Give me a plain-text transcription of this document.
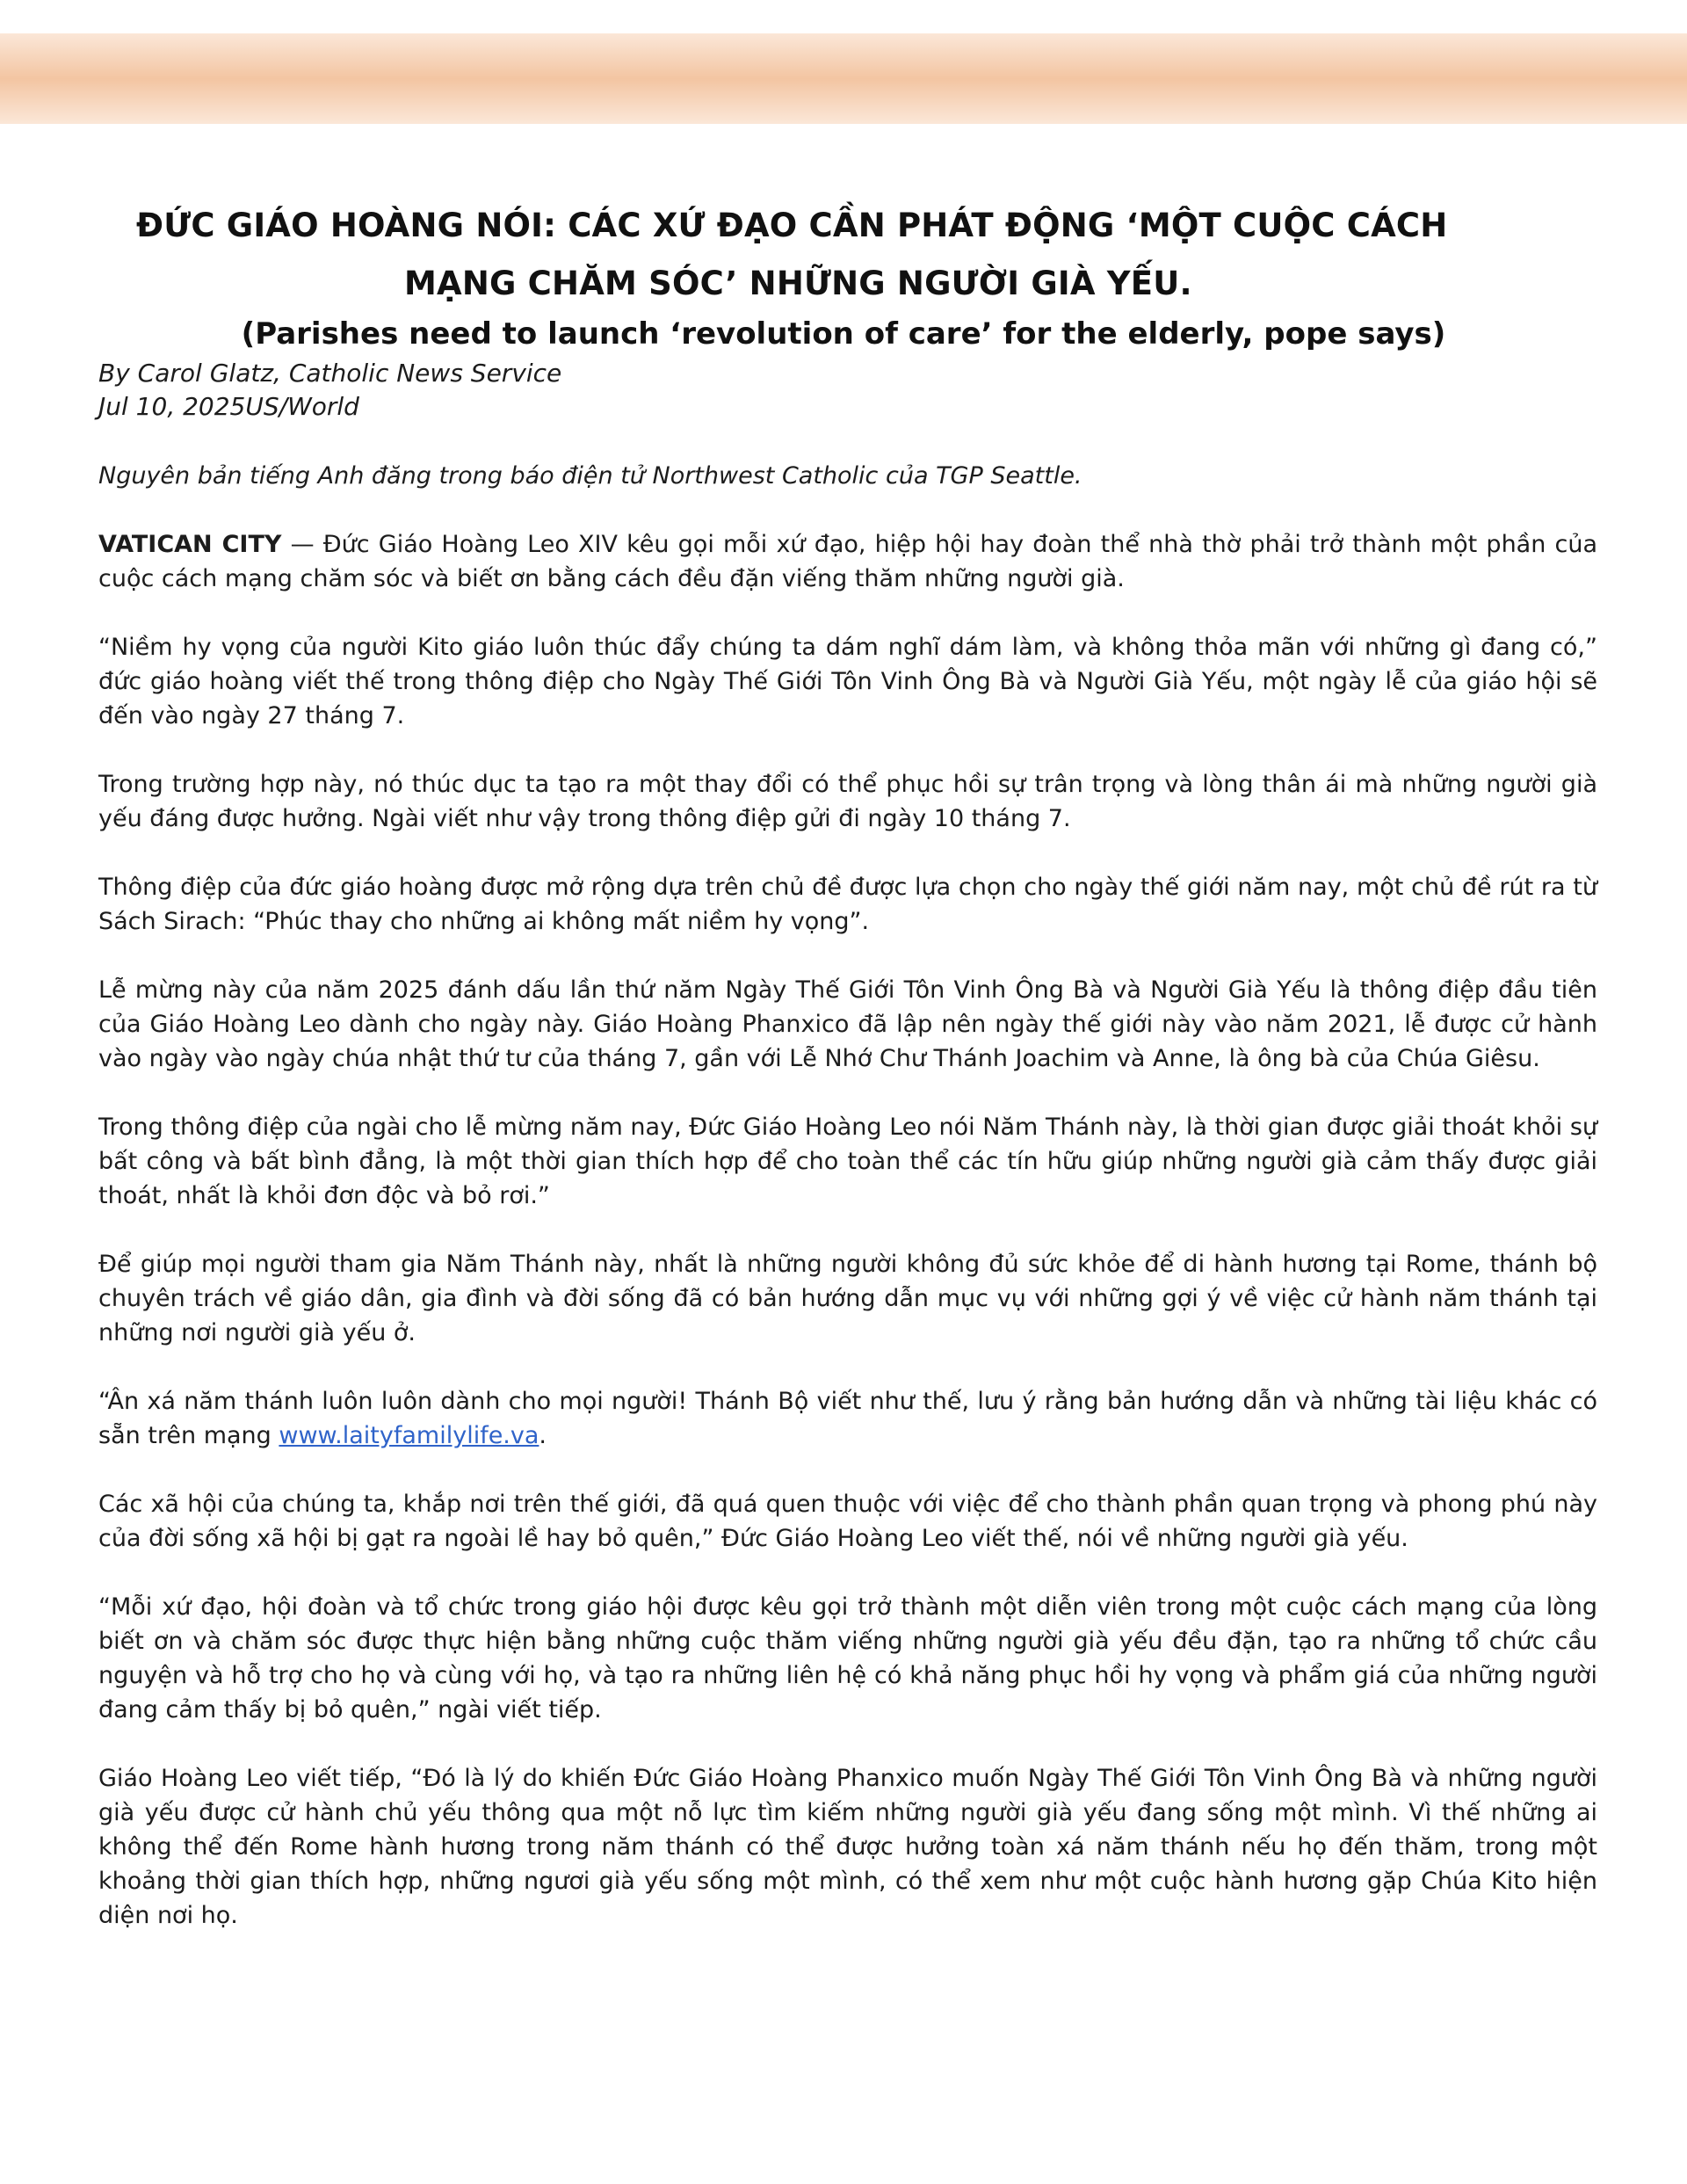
ĐỨC GIÁO HOÀNG NÓI: CÁC XỨ ĐẠO CẦN PHÁT ĐỘNG ‘MỘT CUỘC CÁCH
MẠNG CHĂM SÓC’ NHỮNG NGƯỜI GIÀ YẾU.
(Parishes need to launch ‘revolution of care’ for the elderly, pope says)
By Carol Glatz, Catholic News Service
Jul 10, 2025US/World

Nguyên bản tiếng Anh đăng trong báo điện tử Northwest Catholic của TGP Seattle.

VATICAN CITY — Đức Giáo Hoàng Leo XIV kêu gọi mỗi xứ đạo, hiệp hội hay đoàn thể nhà thờ phải trở thành một phần của cuộc cách mạng chăm sóc và biết ơn bằng cách đều đặn viếng thăm những người già.

“Niềm hy vọng của người Kito giáo luôn thúc đẩy chúng ta dám nghĩ dám làm, và không thỏa mãn với những gì đang có,” đức giáo hoàng viết thế trong thông điệp cho Ngày Thế Giới Tôn Vinh Ông Bà và Người Già Yếu, một ngày lễ của giáo hội sẽ đến vào ngày 27 tháng 7.

Trong trường hợp này, nó thúc dục ta tạo ra một thay đổi có thể phục hồi sự trân trọng và lòng thân ái mà những người già yếu đáng được hưởng. Ngài viết như vậy trong thông điệp gửi đi ngày 10 tháng 7.

Thông điệp của đức giáo hoàng được mở rộng dựa trên chủ đề được lựa chọn cho ngày thế giới năm nay, một chủ đề rút ra từ Sách Sirach: “Phúc thay cho những ai không mất niềm hy vọng”.

Lễ mừng này của năm 2025 đánh dấu lần thứ năm Ngày Thế Giới Tôn Vinh Ông Bà và Người Già Yếu là thông điệp đầu tiên của Giáo Hoàng Leo dành cho ngày này. Giáo Hoàng Phanxico đã lập nên ngày thế giới này vào năm 2021, lễ được cử hành vào ngày vào ngày chúa nhật thứ tư của tháng 7, gần với Lễ Nhớ Chư Thánh Joachim và Anne, là ông bà của Chúa Giêsu.

Trong thông điệp của ngài cho lễ mừng năm nay, Đức Giáo Hoàng Leo nói Năm Thánh này, là thời gian được giải thoát khỏi sự bất công và bất bình đẳng, là một thời gian thích hợp để cho toàn thể các tín hữu giúp những người già cảm thấy được giải thoát, nhất là khỏi đơn độc và bỏ rơi.”

Để giúp mọi người tham gia Năm Thánh này, nhất là những người không đủ sức khỏe để di hành hương tại Rome, thánh bộ chuyên trách về giáo dân, gia đình và đời sống đã có bản hướng dẫn mục vụ với những gợi ý về việc cử hành năm thánh tại những nơi người già yếu ở.

“Ân xá năm thánh luôn luôn dành cho mọi người! Thánh Bộ viết như thế, lưu ý rằng bản hướng dẫn và những tài liệu khác có sẵn trên mạng www.laityfamilylife.va.

Các xã hội của chúng ta, khắp nơi trên thế giới, đã quá quen thuộc với việc để cho thành phần quan trọng và phong phú này của đời sống xã hội bị gạt ra ngoài lề hay bỏ quên,” Đức Giáo Hoàng Leo viết thế, nói về những người già yếu.

“Mỗi xứ đạo, hội đoàn và tổ chức trong giáo hội được kêu gọi trở thành một diễn viên trong một cuộc cách mạng của lòng biết ơn và chăm sóc được thực hiện bằng những cuộc thăm viếng những người già yếu đều đặn, tạo ra những tổ chức cầu nguyện và hỗ trợ cho họ và cùng với họ, và tạo ra những liên hệ có khả năng phục hồi hy vọng và phẩm giá của những người đang cảm thấy bị bỏ quên,” ngài viết tiếp.

Giáo Hoàng Leo viết tiếp, “Đó là lý do khiến Đức Giáo Hoàng Phanxico muốn Ngày Thế Giới Tôn Vinh Ông Bà và những người già yếu được cử hành chủ yếu thông qua một nỗ lực tìm kiếm những người già yếu đang sống một mình. Vì thế những ai không thể đến Rome hành hương trong năm thánh có thể được hưởng toàn xá năm thánh nếu họ đến thăm, trong một khoảng thời gian thích hợp, những ngươi già yếu sống một mình, có thể xem như một cuộc hành hương gặp Chúa Kito hiện diện nơi họ.
